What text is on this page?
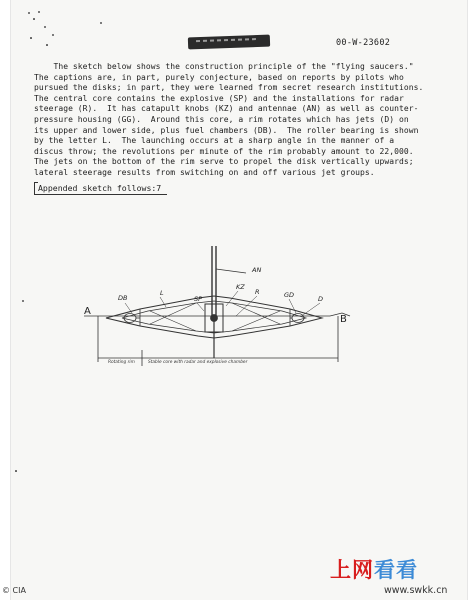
00-W-23602
The sketch below shows the construction principle of the "flying saucers."
The captions are, in part, purely conjecture, based on reports by pilots who
pursued the disks; in part, they were learned from secret research institutions.
The central core contains the explosive (SP) and the installations for radar
steerage (R).  It has catapult knobs (KZ) and antennae (AN) as well as counter-
pressure housing (GG).  Around this core, a rim rotates which has jets (D) on
its upper and lower side, plus fuel chambers (DB).  The roller bearing is shown
by the letter L.  The launching occurs at a sharp angle in the manner of a
discus throw; the revolutions per minute of the rim probably amount to 22,000.
The jets on the bottom of the rim serve to propel the disk vertically upwards;
lateral steerage results from switching on and off various jet groups.
Appended sketch follows:7
AN
A
B
DB
L
SP
KZ
R	GD	D
Rotating rim	Stable core with radar and explosive chamber
© CIA
上网看看
www.swkk.cn
